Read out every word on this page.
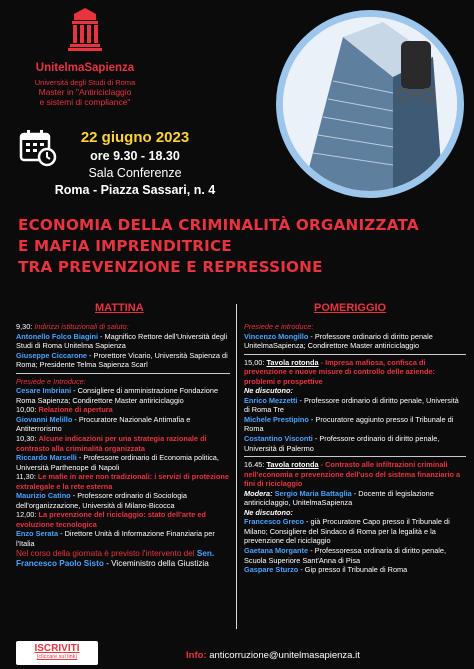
UnitelmaSapienza
Università degli Studi di Roma
Master in "Antiriciclaggio
e sistemi di compliance"
22 giugno 2023
ore 9.30 - 18.30
Sala Conferenze
Roma - Piazza Sassari, n. 4
ECONOMIA DELLA CRIMINALITÀ ORGANIZZATA
E MAFIA IMPRENDITRICE
TRA PREVENZIONE E REPRESSIONE
MATTINA	POMERIGGIO

9,30: Indirizzi istituzionali di saluto:

Antonello Folco Biagini - Magnifico Rettore dell'Università degli Studi di Roma Unitelma Sapienza

Giuseppe Ciccarone - Prorettore Vicario, Università Sapienza di Roma; Presidente Telma Sapienza Scarl

Presiede e Introduce:

Cesare Imbriani - Consigliere di amministrazione Fondazione Roma Sapienza; Condirettore Master antiriciclaggio

10,00: Relazione di apertura

Giovanni Melillo - Procuratore Nazionale Antimafia e Antiterrorismo

10,30: Alcune indicazioni per una strategia razionale di contrasto alla criminalità organizzata

Riccardo Marselli - Professore ordinario di Economia politica, Università Parthenope di Napoli

11,30: Le mafie in aree non tradizionali: i servizi di protezione extralegale e la rete esterna

Maurizio Catino - Professore ordinario di Sociologia dell'organizzazione, Università di Milano-Bicocca

12,00: La prevenzione del riciclaggio: stato dell'arte ed evoluzione tecnologica

Enzo Serata - Direttore Unità di Informazione Finanziaria per l'Italia

Nel corso della giornata è previsto l'intervento del Sen. Francesco Paolo Sisto - Viceministro della Giustizia

Presiede e introduce:

Vincenzo Mongillo - Professore ordinario di diritto penale UnitelmaSapienza; Condirettore Master antiriciclaggio

15,00: Tavola rotonda - Impresa mafiosa, confisca di prevenzione e nuove misure di controllo delle aziende: problemi e prospettive

Ne discutono:

Enrico Mezzetti - Professore ordinario di diritto penale, Università di Roma Tre

Michele Prestipino - Procuratore aggiunto presso il Tribunale di Roma

Costantino Visconti - Professore ordinario di diritto penale, Università di Palermo

16.45: Tavola rotonda - Contrasto alle infiltrazioni criminali nell'economia e prevenzione dell'uso del sistema finanziario a fini di riciclaggio

Modera: Sergio Maria Battaglia - Docente di legislazione antiriciclaggio, UnitelmaSapienza

Ne discutono:

Francesco Greco - già Procuratore Capo presso il Tribunale di Milano; Consigliere del Sindaco di Roma per la legalità e la prevenzione del riciclaggio

Gaetana Morgante - Professoressa ordinaria di diritto penale, Scuola Superiore Sant'Anna di Pisa

Gaspare Sturzo - Gip presso il Tribunale di Roma

ISCRIVITI
(cliccare sul link)	Info: anticorruzione@unitelmasapienza.it
